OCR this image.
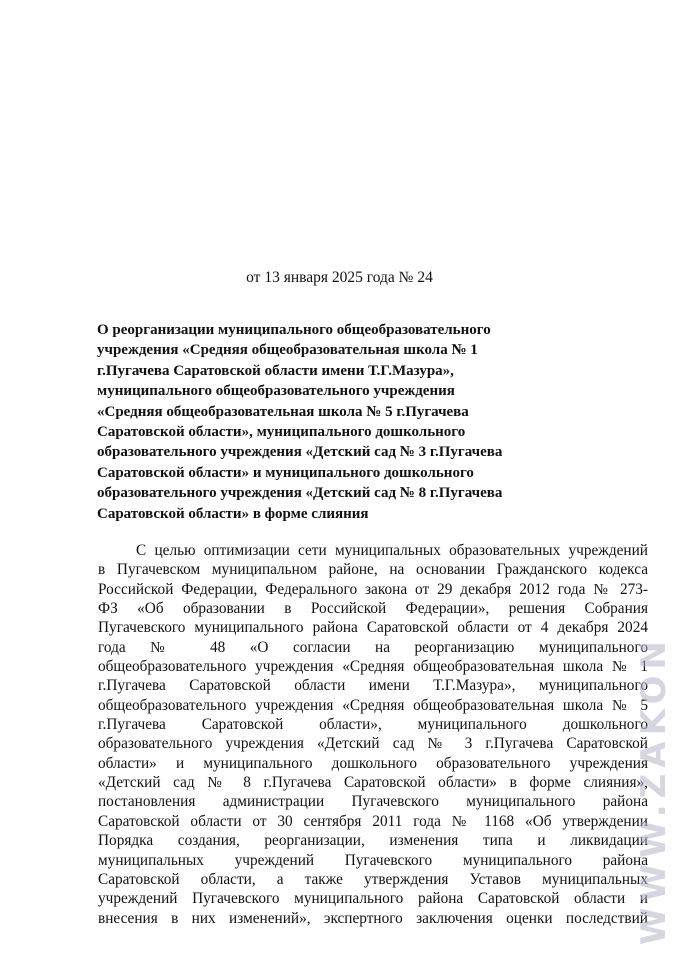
от 13 января 2025 года № 24
О реорганизации муниципального общеобразовательного
учреждения «Средняя общеобразовательная школа № 1
г.Пугачева Саратовской области имени Т.Г.Мазура»,
муниципального общеобразовательного учреждения
«Средняя общеобразовательная школа № 5 г.Пугачева
Саратовской области», муниципального дошкольного
образовательного учреждения «Детский сад № 3 г.Пугачева
Саратовской области» и муниципального дошкольного
образовательного учреждения «Детский сад № 8 г.Пугачева
Саратовской области» в форме слияния
С целью оптимизации сети муниципальных образовательных учреждений
в Пугачевском муниципальном районе, на основании Гражданского кодекса
Российской Федерации, Федерального закона от 29 декабря 2012 года № 273-
ФЗ «Об образовании в Российской Федерации», решения Собрания
Пугачевского муниципального района Саратовской области от 4 декабря 2024
года № 48 «О согласии на реорганизацию муниципального
общеобразовательного учреждения «Средняя общеобразовательная школа № 1
г.Пугачева Саратовской области имени Т.Г.Мазура», муниципального
общеобразовательного учреждения «Средняя общеобразовательная школа № 5
г.Пугачева Саратовской области», муниципального дошкольного
образовательного учреждения «Детский сад № 3 г.Пугачева Саратовской
области» и муниципального дошкольного образовательного учреждения
«Детский сад № 8 г.Пугачева Саратовской области» в форме слияния»,
постановления администрации Пугачевского муниципального района
Саратовской области от 30 сентября 2011 года № 1168 «Об утверждении
Порядка создания, реорганизации, изменения типа и ликвидации
муниципальных учреждений Пугачевского муниципального района
Саратовской области, а также утверждения Уставов муниципальных
учреждений Пугачевского муниципального района Саратовской области и
внесения в них изменений», экспертного заключения оценки последствий
WWW.ZAKON
